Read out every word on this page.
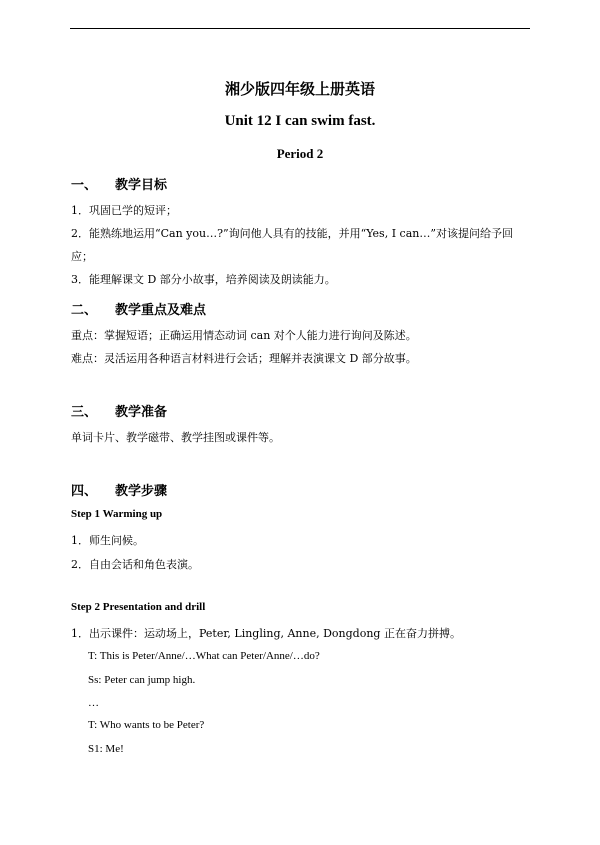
湘少版四年级上册英语
Unit 12 I can swim fast.
Period 2
一、 教学目标
1．巩固已学的短评；
2．能熟练地运用“Can you…?”询问他人具有的技能，并用“Yes, I can…”对该提问给予回
应；
3．能理解课文 D 部分小故事，培养阅读及朗读能力。
二、 教学重点及难点
重点：掌握短语；正确运用情态动词 can 对个人能力进行询问及陈述。
难点：灵活运用各种语言材料进行会话；理解并表演课文 D 部分故事。
三、 教学准备
单词卡片、教学磁带、教学挂图或课件等。
四、 教学步骤
Step 1 Warming up
1．师生问候。
2．自由会话和角色表演。
Step 2 Presentation and drill
1．出示课件：运动场上，Peter, Lingling, Anne, Dongdong 正在奋力拼搏。
T: This is Peter/Anne/…What can Peter/Anne/…do?
Ss: Peter can jump high.
…
T: Who wants to be Peter?
S1: Me!
